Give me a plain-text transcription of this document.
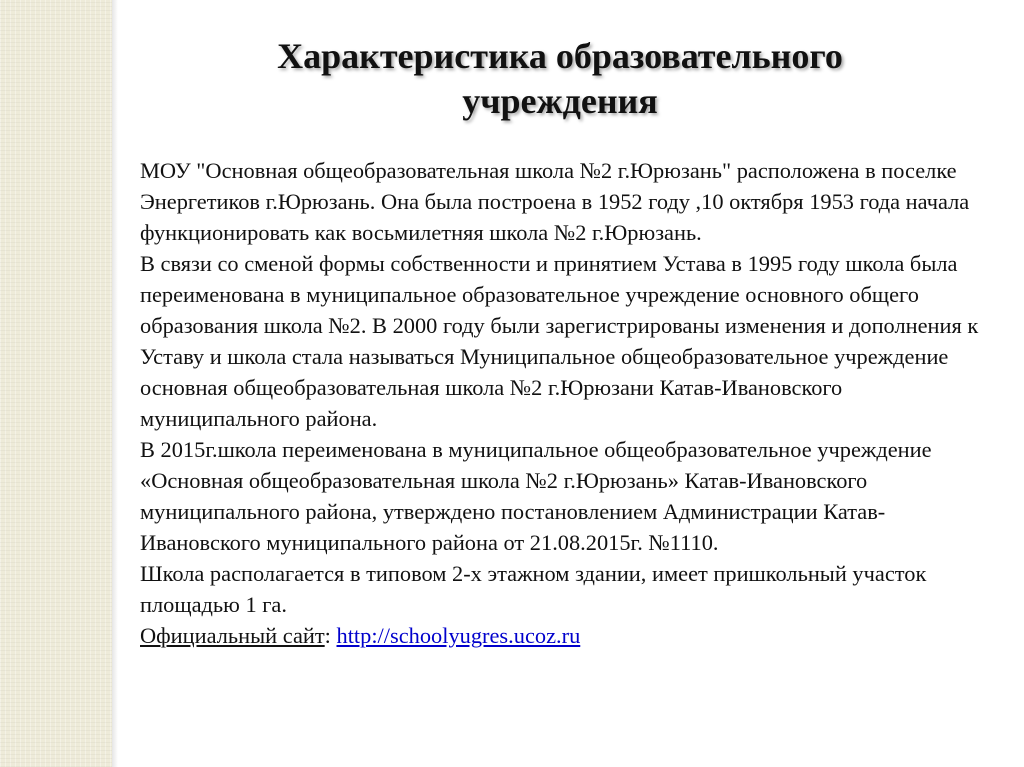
Характеристика образовательного
учреждения

МОУ "Основная общеобразовательная школа №2 г.Юрюзань" расположена в поселке Энергетиков г.Юрюзань. Она была построена в 1952 году ,10 октября 1953 года начала функционировать как восьмилетняя школа №2 г.Юрюзань.

В связи со сменой формы собственности и принятием Устава в 1995 году школа была переименована в муниципальное образовательное учреждение основного общего образования школа №2. В 2000 году были зарегистрированы изменения и дополнения к Уставу и школа стала называться Муниципальное общеобразовательное учреждение основная общеобразовательная школа №2 г.Юрюзани Катав-Ивановского муниципального района.

В 2015г.школа переименована в муниципальное общеобразовательное учреждение «Основная общеобразовательная школа №2 г.Юрюзань» Катав-Ивановского муниципального района, утверждено постановлением Администрации Катав-Ивановского муниципального района от 21.08.2015г. №1110.

Школа располагается в типовом 2-х этажном здании, имеет пришкольный участок площадью 1 га.

Официальный сайт: http://schoolyugres.ucoz.ru
